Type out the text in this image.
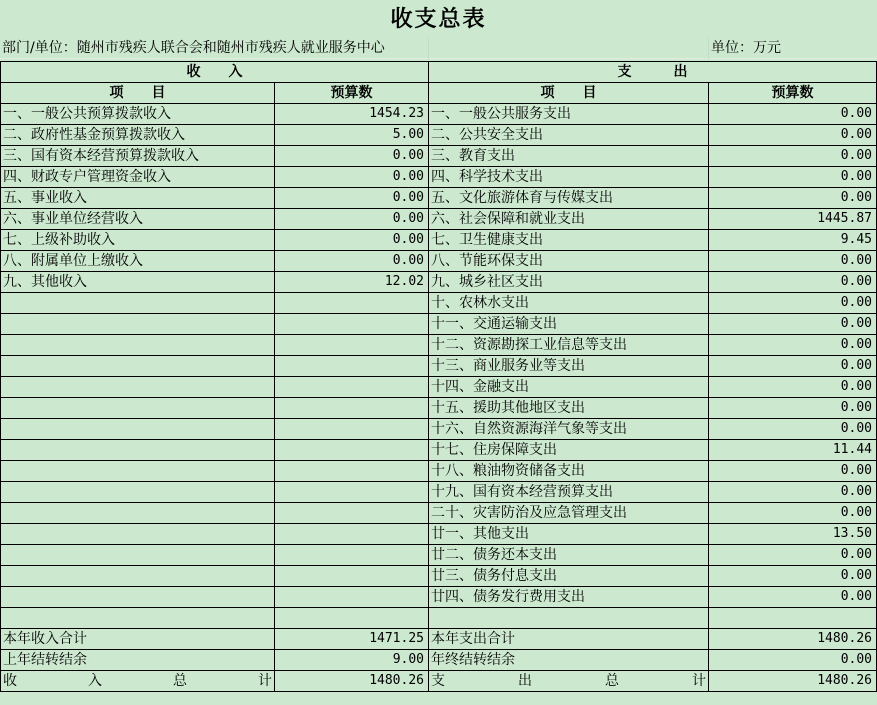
收支总表
部门/单位：随州市残疾人联合会和随州市残疾人就业服务中心	单位：万元
收　　入		支　　　出	
项　　目	预算数	项　　目	预算数
一、一般公共预算拨款收入	1454.23	一、一般公共服务支出	0.00
二、政府性基金预算拨款收入	5.00	二、公共安全支出	0.00
三、国有资本经营预算拨款收入	0.00	三、教育支出	0.00
四、财政专户管理资金收入	0.00	四、科学技术支出	0.00
五、事业收入	0.00	五、文化旅游体育与传媒支出	0.00
六、事业单位经营收入	0.00	六、社会保障和就业支出	1445.87
七、上级补助收入	0.00	七、卫生健康支出	9.45
八、附属单位上缴收入	0.00	八、节能环保支出	0.00
九、其他收入	12.02	九、城乡社区支出	0.00
		十、农林水支出	0.00
		十一、交通运输支出	0.00
		十二、资源勘探工业信息等支出	0.00
		十三、商业服务业等支出	0.00
		十四、金融支出	0.00
		十五、援助其他地区支出	0.00
		十六、自然资源海洋气象等支出	0.00
		十七、住房保障支出	11.44
		十八、粮油物资储备支出	0.00
		十九、国有资本经营预算支出	0.00
		二十、灾害防治及应急管理支出	0.00
		廿一、其他支出	13.50
		廿二、债务还本支出	0.00
		廿三、债务付息支出	0.00
		廿四、债务发行费用支出	0.00

本年收入合计	1471.25	本年支出合计	1480.26
上年结转结余	9.00	年终结转结余	0.00
收　　入　　总　　计	1480.26	支　　出　　总　　计	1480.26
